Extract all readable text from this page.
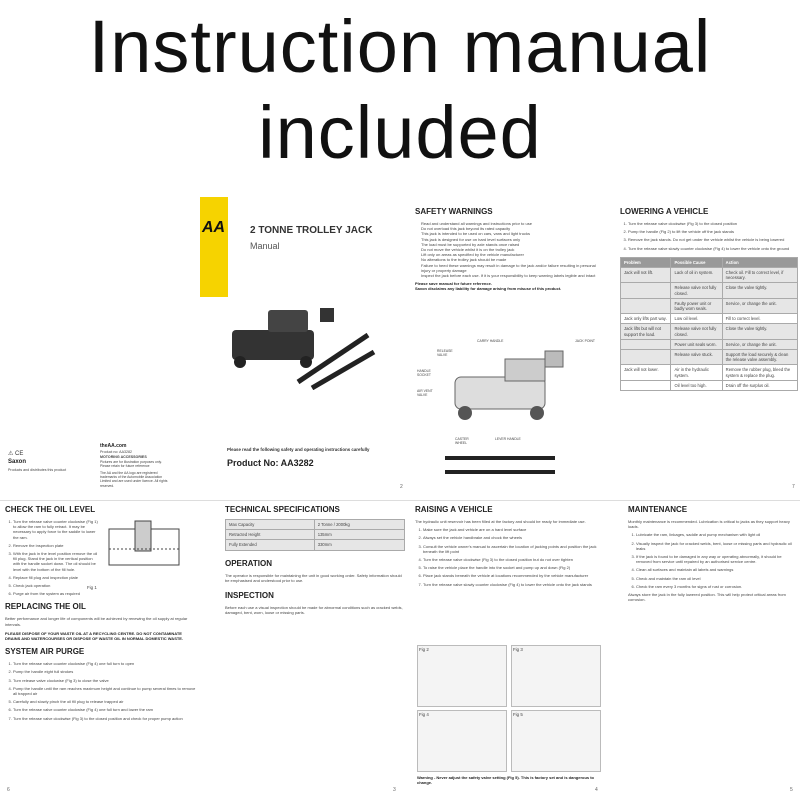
Instruction manual
included
AA 2 TONNE TROLLEY JACK
Manual
Please read the following safety and operating instructions carefully
Product No: AA3282
⚠ CE
Saxon
Products and distributes this product
theAA.com
Product no: AA3282
MOTORING ACCESSORIES
Pictures are for illustration purposes only. Please retain for future reference
The AA and the AA logo are registered trademarks of the Automobile Association Limited and are used under licence. All rights reserved.	2
SAFETY WARNINGS
• Read and understand all warnings and instructions prior to use
• Do not overload this jack beyond its rated capacity
• This jack is intended to be used on cars, vans and light trucks
• This jack is designed for use on hard level surfaces only
• The load must be supported by axle stands once raised
• Do not move the vehicle whilst it is on the trolley jack
• Lift only on areas as specified by the vehicle manufacturer
• No alterations to the trolley jack should be made
• Failure to heed these warnings may result in damage to the jack and/or failure resulting in personal injury or property damage
• Inspect the jack before each use. If it is your responsibility to keep warning labels legible and intact
Please save manual for future reference.
Saxon disclaims any liability for damage arising from misuse of this product.
CARRY HANDLE
RELEASE VALVE
JACK POINT
HANDLE SOCKET
AIR VENT VALVE
CASTER WHEEL
LEVER HANDLE
LOWERING A VEHICLE
1. Turn the release valve clockwise (Fig 3) to the closed position
2. Pump the handle (Fig 2) to lift the vehicle off the jack stands
3. Remove the jack stands. Do not get under the vehicle whilst the vehicle is being lowered
4. Turn the release valve slowly counter clockwise (Fig 4) to lower the vehicle onto the ground
Problem	Possible Cause	Action
Jack will not lift.	Lack of oil in system.	Check oil. Fill to correct level, if necessary.
	Release valve not fully closed.	Close the valve tightly.
	Faulty power unit or badly worn seals.	Service, or change the unit.
Jack only lifts part way.	Low oil level.	Fill to correct level.
Jack lifts but will not support the load.	Release valve not fully closed.	Close the valve tightly.
	Power unit seals worn.	Service, or change the unit.
	Release valve stuck.	Support the load securely & clean the release valve assembly.
Jack will not lower.	Air in the hydraulic system.	Remove the rubber plug, bleed the system & replace the plug.
	Oil level too high.	Drain off the surplus oil.
7
CHECK THE OIL LEVEL
1. Turn the release valve counter clockwise (Fig 1) to allow the ram to fully retract. It may be necessary to apply force to the saddle to lower the ram.
2. Remove the inspection plate
3. With the jack in the level position remove the oil fill plug. Stand the jack in the vertical position with the handle socket down. The oil should be level with the bottom of the fill hole.
4. Replace fill plug and inspection plate
5. Check jack operation
6. Purge air from the system as required
Fig 1
REPLACING THE OIL
Better performance and longer life of components will be achieved by renewing the oil supply at regular intervals.
PLEASE DISPOSE OF YOUR WASTE OIL AT A RECYCLING CENTRE. DO NOT CONTAMINATE DRAINS AND WATERCOURSES OR DISPOSE OF WASTE OIL IN NORMAL DOMESTIC WASTE.
SYSTEM AIR PURGE
1. Turn the release valve counter clockwise (Fig 4) one full turn to open
2. Pump the handle eight full strokes
3. Turn release valve clockwise (Fig 3) to close the valve
4. Pump the handle until the ram reaches maximum height and continue to pump several times to remove all trapped air
5. Carefully and slowly pinch the oil fill plug to release trapped air
6. Turn the release valve counter clockwise (Fig 4) one full turn and lower the ram
7. Turn the release valve clockwise (Fig 3) to the closed position and check for proper pump action
6
TECHNICAL SPECIFICATIONS
Max Capacity	2 Tonne / 2000kg
Retracted Height	135mm
Fully Extended	330mm
OPERATION
The operator is responsible for maintaining the unit in good working order. Safety information should be emphasised and understood prior to use.
INSPECTION
Before each use a visual inspection should be made for abnormal conditions such as cracked welds, damaged, bent, worn, loose or missing parts.
3
RAISING A VEHICLE
The hydraulic unit reservoir has been filled at the factory and should be ready for immediate use.
1. Make sure the jack and vehicle are on a hard level surface
2. Always set the vehicle handbrake and chock the wheels
3. Consult the vehicle owner's manual to ascertain the location of jacking points and position the jack beneath the lift point
4. Turn the release valve clockwise (Fig 3) to the closed position but do not over tighten
5. To raise the vehicle place the handle into the socket and pump up and down (Fig 2)
6. Place jack stands beneath the vehicle at locations recommended by the vehicle manufacturer
7. Turn the release valve slowly counter clockwise (Fig 4) to lower the vehicle onto the jack stands
Fig 2	Fig 3
Fig 4	Fig 5
Warning - Never adjust the safety valve setting (Fig 5). This is factory set and is dangerous to change.
4
MAINTENANCE
Monthly maintenance is recommended. Lubrication is critical to jacks as they support heavy loads.
1. Lubricate the ram, linkages, saddle and pump mechanism with light oil
2. Visually inspect the jack for cracked welds, bent, loose or missing parts and hydraulic oil leaks
3. If the jack is found to be damaged in any way or operating abnormally, it should be removed from service until repaired by an authorised service centre.
4. Clean all surfaces and maintain all labels and warnings
5. Check and maintain the ram oil level
6. Check the ram every 3 months for signs of rust or corrosion.
Always store the jack in the fully lowered position. This will help protect critical areas from corrosion.
5
